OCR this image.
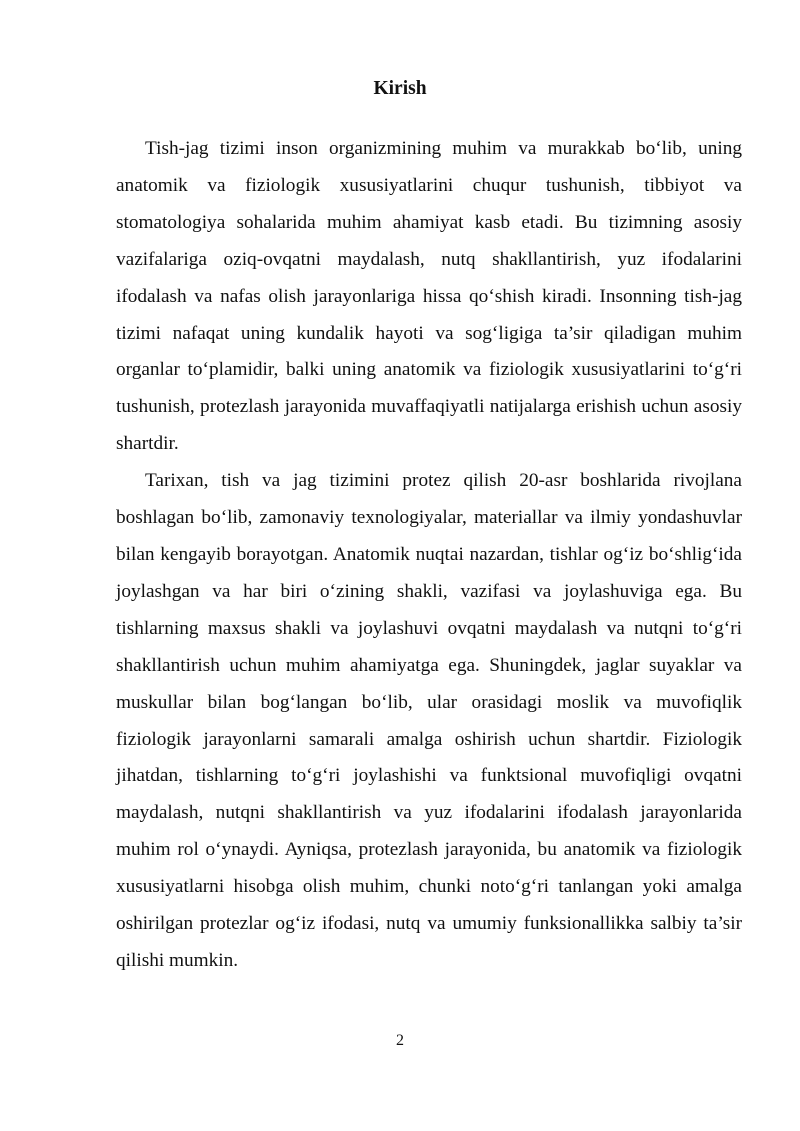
Kirish

Tish-jag tizimi inson organizmining muhim va murakkab bo‘lib, uning anatomik va fiziologik xususiyatlarini chuqur tushunish, tibbiyot va stomatologiya sohalarida muhim ahamiyat kasb etadi. Bu tizimning asosiy vazifalariga oziq-ovqatni maydalash, nutq shakllantirish, yuz ifodalarini ifodalash va nafas olish jarayonlariga hissa qo‘shish kiradi. Insonning tish-jag tizimi nafaqat uning kundalik hayoti va sog‘ligiga ta’sir qiladigan muhim organlar to‘plamidir, balki uning anatomik va fiziologik xususiyatlarini to‘g‘ri tushunish, protezlash jarayonida muvaffaqiyatli natijalarga erishish uchun asosiy shartdir.

Tarixan, tish va jag tizimini protez qilish 20-asr boshlarida rivojlana boshlagan bo‘lib, zamonaviy texnologiyalar, materiallar va ilmiy yondashuvlar bilan kengayib borayotgan. Anatomik nuqtai nazardan, tishlar og‘iz bo‘shlig‘ida joylashgan va har biri o‘zining shakli, vazifasi va joylashuviga ega. Bu tishlarning maxsus shakli va joylashuvi ovqatni maydalash va nutqni to‘g‘ri shakllantirish uchun muhim ahamiyatga ega. Shuningdek, jaglar suyaklar va muskullar bilan bog‘langan bo‘lib, ular orasidagi moslik va muvofiqlik fiziologik jarayonlarni samarali amalga oshirish uchun shartdir. Fiziologik jihatdan, tishlarning to‘g‘ri joylashishi va funktsional muvofiqligi ovqatni maydalash, nutqni shakllantirish va yuz ifodalarini ifodalash jarayonlarida muhim rol o‘ynaydi. Ayniqsa, protezlash jarayonida, bu anatomik va fiziologik xususiyatlarni hisobga olish muhim, chunki noto‘g‘ri tanlangan yoki amalga oshirilgan protezlar og‘iz ifodasi, nutq va umumiy funksionallikka salbiy ta’sir qilishi mumkin.

2
